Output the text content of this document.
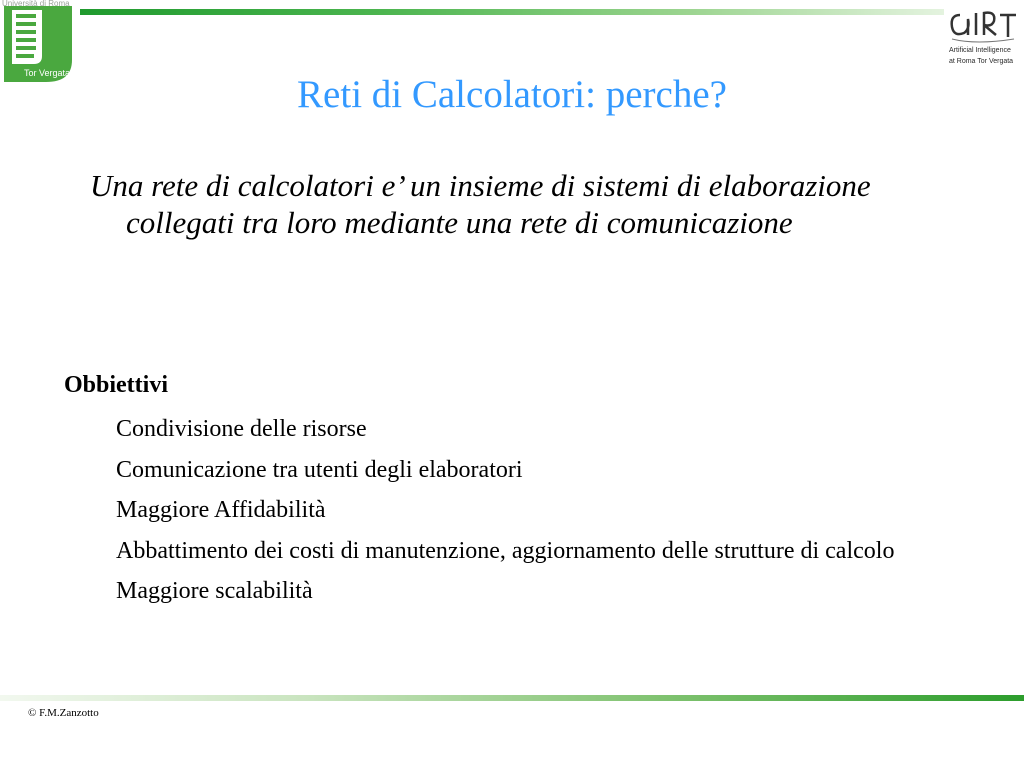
Università di Roma
Tor Vergata
Artificial Intelligence
at Roma Tor Vergata
Reti di Calcolatori: perche?
Una rete di calcolatori e’ un insieme di sistemi di elaborazione collegati tra loro mediante una rete di comunicazione
Obbiettivi
Condivisione delle risorse
Comunicazione tra utenti degli elaboratori
Maggiore Affidabilità
Abbattimento dei costi di manutenzione, aggiornamento delle strutture di calcolo
Maggiore scalabilità
© F.M.Zanzotto
